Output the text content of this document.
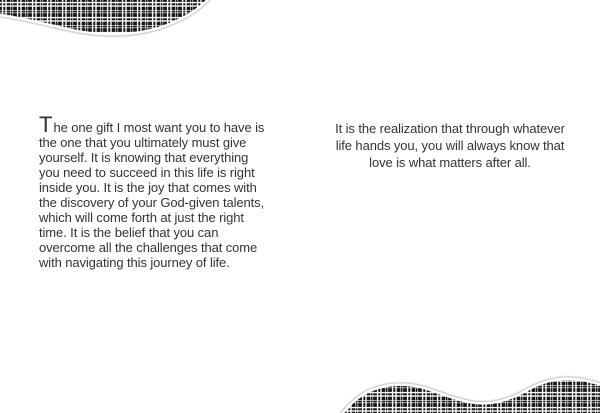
The one gift I most want you to have is
the one that you ultimately must give
yourself. It is knowing that everything
you need to succeed in this life is right
inside you. It is the joy that comes with
the discovery of your God-given talents,
which will come forth at just the right
time. It is the belief that you can
overcome all the challenges that come
with navigating this journey of life.
It is the realization that through whatever
life hands you, you will always know that
love is what matters after all.
